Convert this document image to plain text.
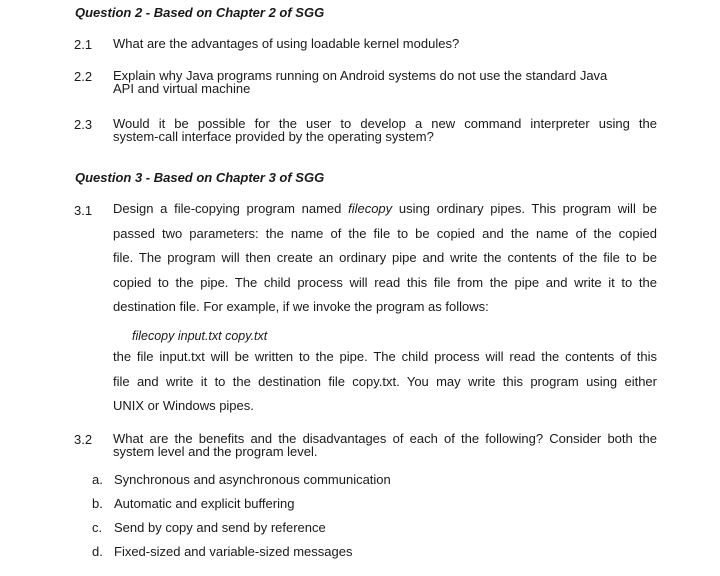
Question 2 - Based on Chapter 2 of SGG
2.1 What are the advantages of using loadable kernel modules?
2.2 Explain why Java programs running on Android systems do not use the standard Java
API and virtual machine
2.3 Would it be possible for the user to develop a new command interpreter using the
system-call interface provided by the operating system?
Question 3 - Based on Chapter 3 of SGG
3.1 Design a file-copying program named filecopy using ordinary pipes. This program will be
passed two parameters: the name of the file to be copied and the name of the copied
file. The program will then create an ordinary pipe and write the contents of the file to be
copied to the pipe. The child process will read this file from the pipe and write it to the
destination file. For example, if we invoke the program as follows:
filecopy input.txt copy.txt
the file input.txt will be written to the pipe. The child process will read the contents of this
file and write it to the destination file copy.txt. You may write this program using either
UNIX or Windows pipes.
3.2 What are the benefits and the disadvantages of each of the following? Consider both the
system level and the program level.
a. Synchronous and asynchronous communication
b. Automatic and explicit buffering
c. Send by copy and send by reference
d. Fixed-sized and variable-sized messages
